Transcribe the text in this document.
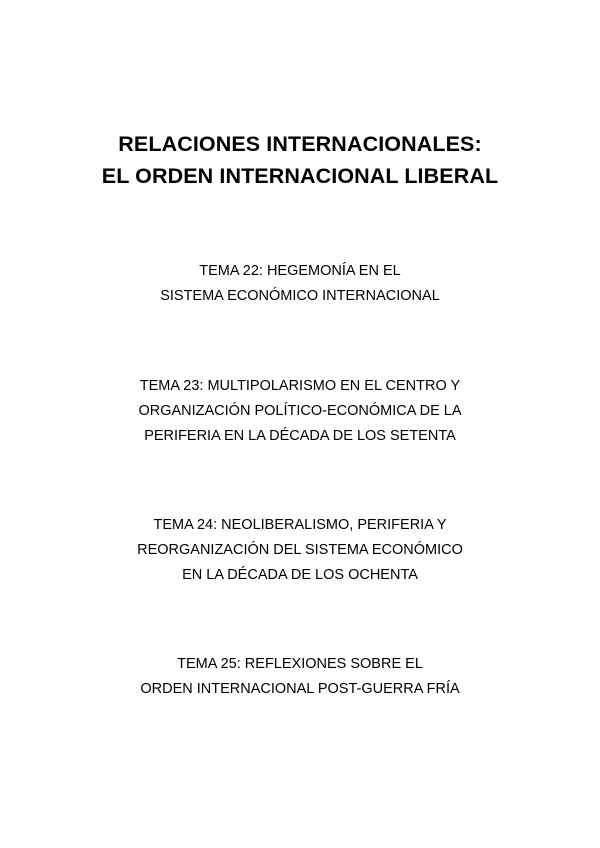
RELACIONES INTERNACIONALES:
EL ORDEN INTERNACIONAL LIBERAL
TEMA 22: HEGEMONÍA EN EL
SISTEMA ECONÓMICO INTERNACIONAL
TEMA 23: MULTIPOLARISMO EN EL CENTRO Y
ORGANIZACIÓN POLÍTICO-ECONÓMICA DE LA
PERIFERIA EN LA DÉCADA DE LOS SETENTA
TEMA 24: NEOLIBERALISMO, PERIFERIA Y
REORGANIZACIÓN DEL SISTEMA ECONÓMICO
EN LA DÉCADA DE LOS OCHENTA
TEMA 25: REFLEXIONES SOBRE EL
ORDEN INTERNACIONAL POST-GUERRA FRÍA
